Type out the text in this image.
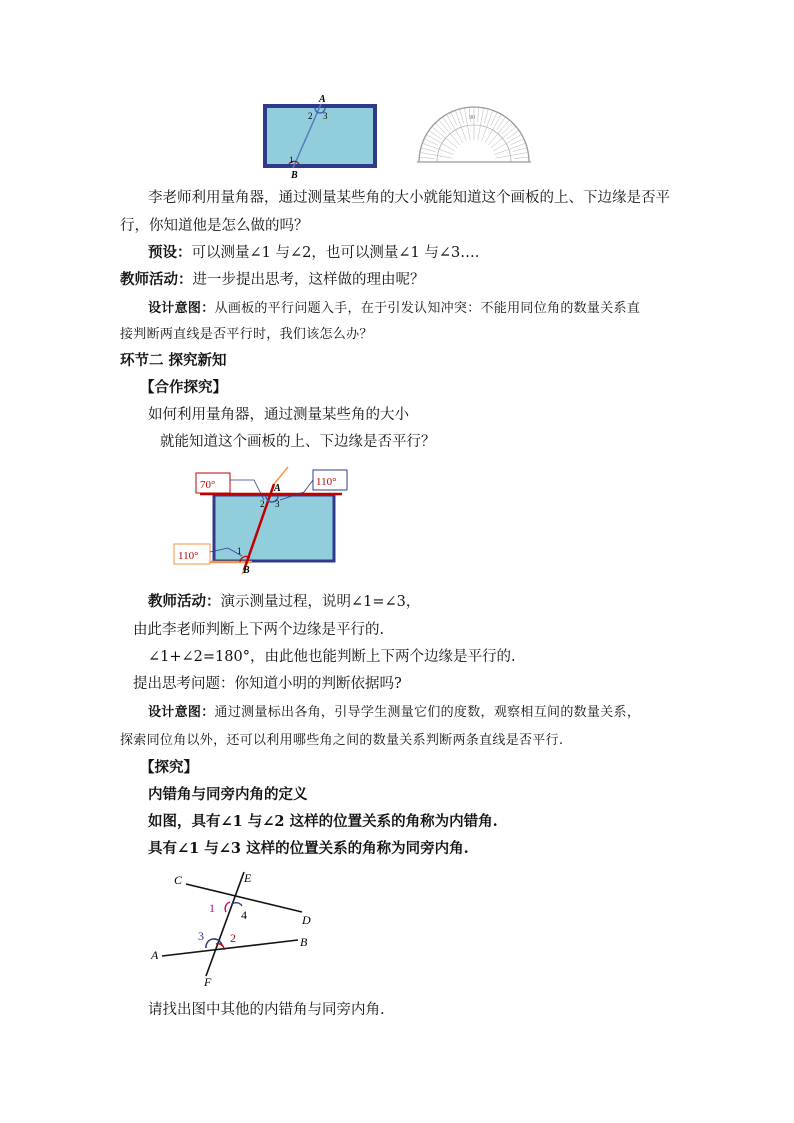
A
2 3
1
B
90
李老师利用量角器，通过测量某些角的大小就能知道这个画板的上、下边缘是否平
行，你知道他是怎么做的吗？
预设：可以测量∠1 与∠2，也可以测量∠1 与∠3….
教师活动：进一步提出思考，这样做的理由呢？
设计意图：从画板的平行问题入手，在于引发认知冲突：不能用同位角的数量关系直
接判断两直线是否平行时，我们该怎么办？
环节二 探究新知
【合作探究】
如何利用量角器，通过测量某些角的大小
就能知道这个画板的上、下边缘是否平行？
70°	110°
110°
A
2 3
1
B
教师活动：演示测量过程，说明∠1=∠3，
由此李老师判断上下两个边缘是平行的.
∠1+∠2=180°，由此他也能判断上下两个边缘是平行的.
提出思考问题：你知道小明的判断依据吗?
设计意图：通过测量标出各角，引导学生测量它们的度数，观察相互间的数量关系，
探索同位角以外，还可以利用哪些角之间的数量关系判断两条直线是否平行.
【探究】
内错角与同旁内角的定义
如图，具有∠1 与∠2 这样的位置关系的角称为内错角.
具有∠1 与∠3 这样的位置关系的角称为同旁内角.
C	E
D
B
A
F
1 4
3 2
请找出图中其他的内错角与同旁内角.
